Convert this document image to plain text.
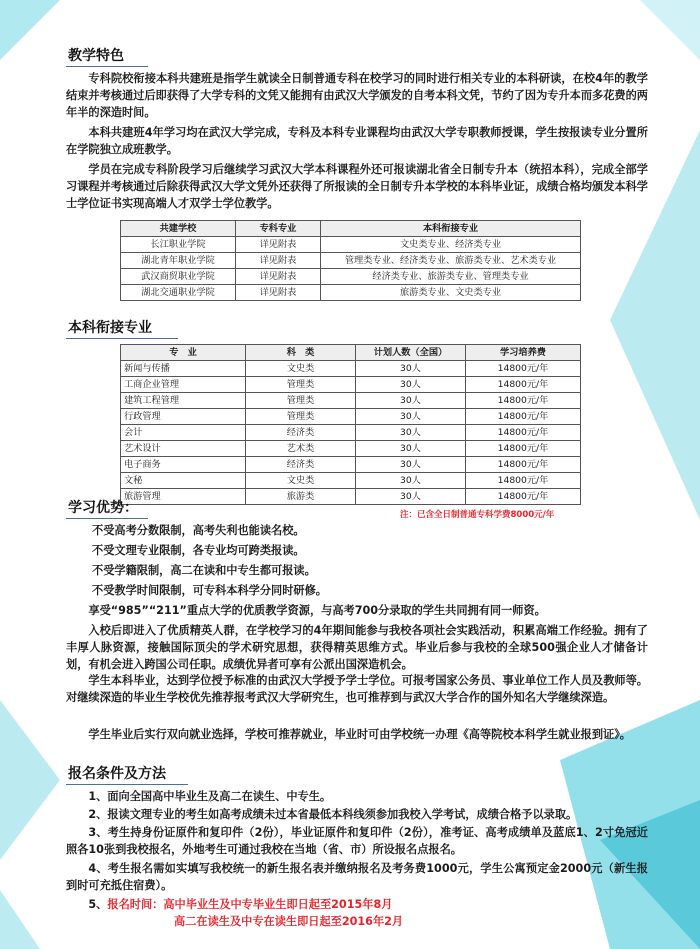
教学特色
专科院校衔接本科共建班是指学生就读全日制普通专科在校学习的同时进行相关专业的本科研读，在校4年的教学结束并考核通过后即获得了大学专科的文凭又能拥有由武汉大学颁发的自考本科文凭，节约了因为专升本而多花费的两年半的深造时间。
本科共建班4年学习均在武汉大学完成，专科及本科专业课程均由武汉大学专职教师授课，学生按报读专业分置所在学院独立成班教学。
学员在完成专科阶段学习后继续学习武汉大学本科课程外还可报读湖北省全日制专升本（统招本科），完成全部学习课程并考核通过后除获得武汉大学文凭外还获得了所报读的全日制专升本学校的本科毕业证，成绩合格均颁发本科学士学位证书实现高端人才双学士学位教学。
共建学校	专科专业	本科衔接专业
长江职业学院	详见附表	文史类专业、经济类专业
湖北青年职业学院	详见附表	管理类专业、经济类专业、旅游类专业、艺术类专业
武汉商贸职业学院	详见附表	经济类专业、旅游类专业、管理类专业
湖北交通职业学院	详见附表	旅游类专业、文史类专业
本科衔接专业
专　业	科　类	计划人数（全国）	学习培养费
新闻与传播	文史类	30人	14800元/年
工商企业管理	管理类	30人	14800元/年
建筑工程管理	管理类	30人	14800元/年
行政管理	管理类	30人	14800元/年
会计	经济类	30人	14800元/年
艺术设计	艺术类	30人	14800元/年
电子商务	经济类	30人	14800元/年
文秘	文史类	30人	14800元/年
旅游管理	旅游类	30人	14800元/年
注：已含全日制普通专科学费8000元/年
学习优势：
不受高考分数限制，高考失利也能读名校。
不受文理专业限制，各专业均可跨类报读。
不受学籍限制，高二在读和中专生都可报读。
不受教学时间限制，可专科本科学分同时研修。
享受“985”“211”重点大学的优质教学资源，与高考700分录取的学生共同拥有同一师资。
入校后即进入了优质精英人群，在学校学习的4年期间能参与我校各项社会实践活动，积累高端工作经验。拥有了丰厚人脉资源，接触国际顶尖的学术研究思想，获得精英思维方式。毕业后参与我校的全球500强企业人才储备计划，有机会进入跨国公司任职。成绩优异者可享有公派出国深造机会。
学生本科毕业，达到学位授予标准的由武汉大学授予学士学位。可报考国家公务员、事业单位工作人员及教师等。对继续深造的毕业生学校优先推荐报考武汉大学研究生，也可推荐到与武汉大学合作的国外知名大学继续深造。
学生毕业后实行双向就业选择，学校可推荐就业，毕业时可由学校统一办理《高等院校本科学生就业报到证》。
报名条件及方法
1、面向全国高中毕业生及高二在读生、中专生。
2、报读文理专业的考生如高考成绩未过本省最低本科线须参加我校入学考试，成绩合格予以录取。
3、考生持身份证原件和复印件（2份），毕业证原件和复印件（2份），准考证、高考成绩单及蓝底1、2寸免冠近照各10张到我校报名，外地考生可通过我校在当地（省、市）所设报名点报名。
4、考生报名需如实填写我校统一的新生报名表并缴纳报名及考务费1000元，学生公寓预定金2000元（新生报到时可充抵住宿费）。
5、报名时间：高中毕业生及中专毕业生即日起至2015年8月
高二在读生及中专在读生即日起至2016年2月
